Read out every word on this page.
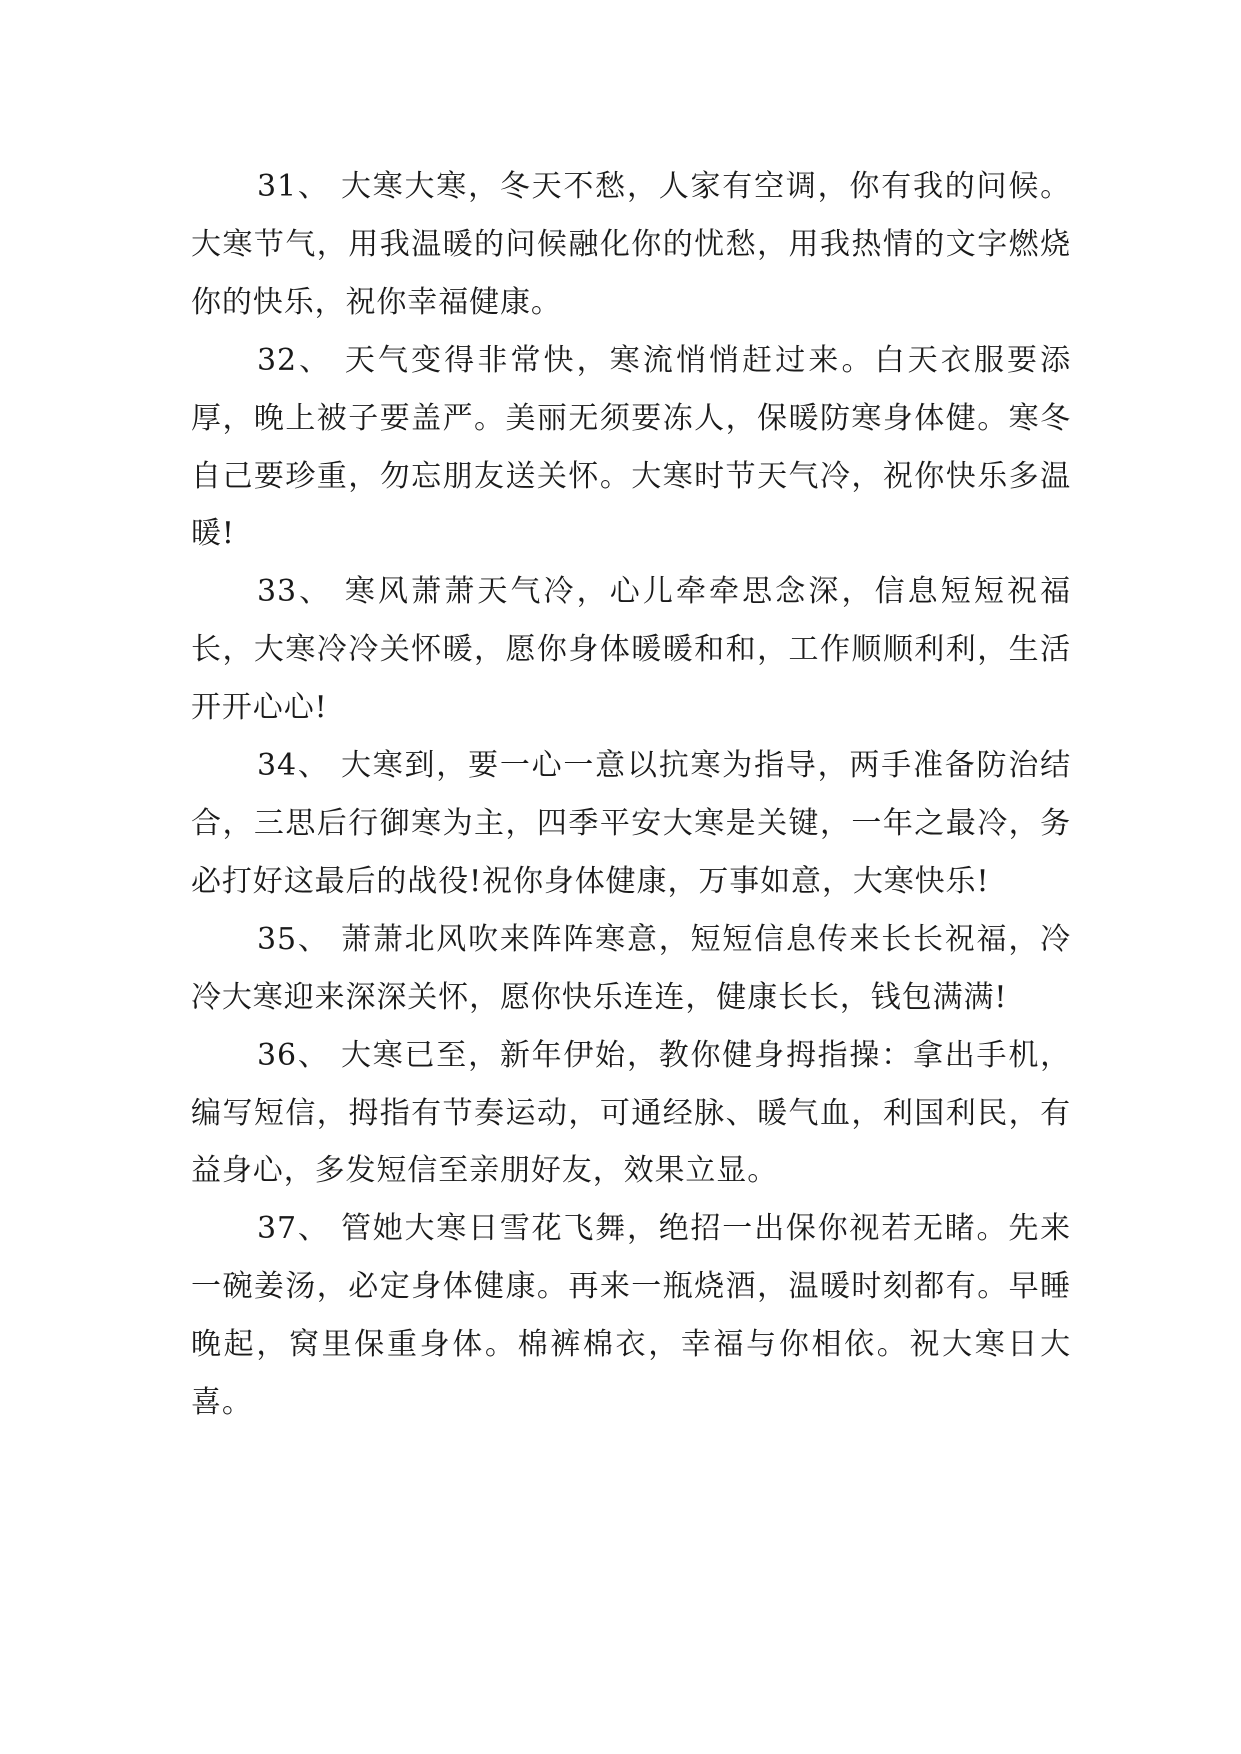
31、 大寒大寒，冬天不愁，人家有空调，你有我的问候。大寒节气，用我温暖的问候融化你的忧愁，用我热情的文字燃烧你的快乐，祝你幸福健康。

32、 天气变得非常快，寒流悄悄赶过来。白天衣服要添厚，晚上被子要盖严。美丽无须要冻人，保暖防寒身体健。寒冬自己要珍重，勿忘朋友送关怀。大寒时节天气冷，祝你快乐多温暖!

33、 寒风萧萧天气冷，心儿牵牵思念深，信息短短祝福长，大寒冷冷关怀暖，愿你身体暖暖和和，工作顺顺利利，生活开开心心!

34、 大寒到，要一心一意以抗寒为指导，两手准备防治结合，三思后行御寒为主，四季平安大寒是关键，一年之最冷，务必打好这最后的战役!祝你身体健康，万事如意，大寒快乐!

35、 萧萧北风吹来阵阵寒意，短短信息传来长长祝福，冷冷大寒迎来深深关怀，愿你快乐连连，健康长长，钱包满满!

36、 大寒已至，新年伊始，教你健身拇指操：拿出手机，编写短信，拇指有节奏运动，可通经脉、暖气血，利国利民，有益身心，多发短信至亲朋好友，效果立显。

37、 管她大寒日雪花飞舞，绝招一出保你视若无睹。先来一碗姜汤，必定身体健康。再来一瓶烧酒，温暖时刻都有。早睡晚起，窝里保重身体。棉裤棉衣，幸福与你相依。祝大寒日大喜。
